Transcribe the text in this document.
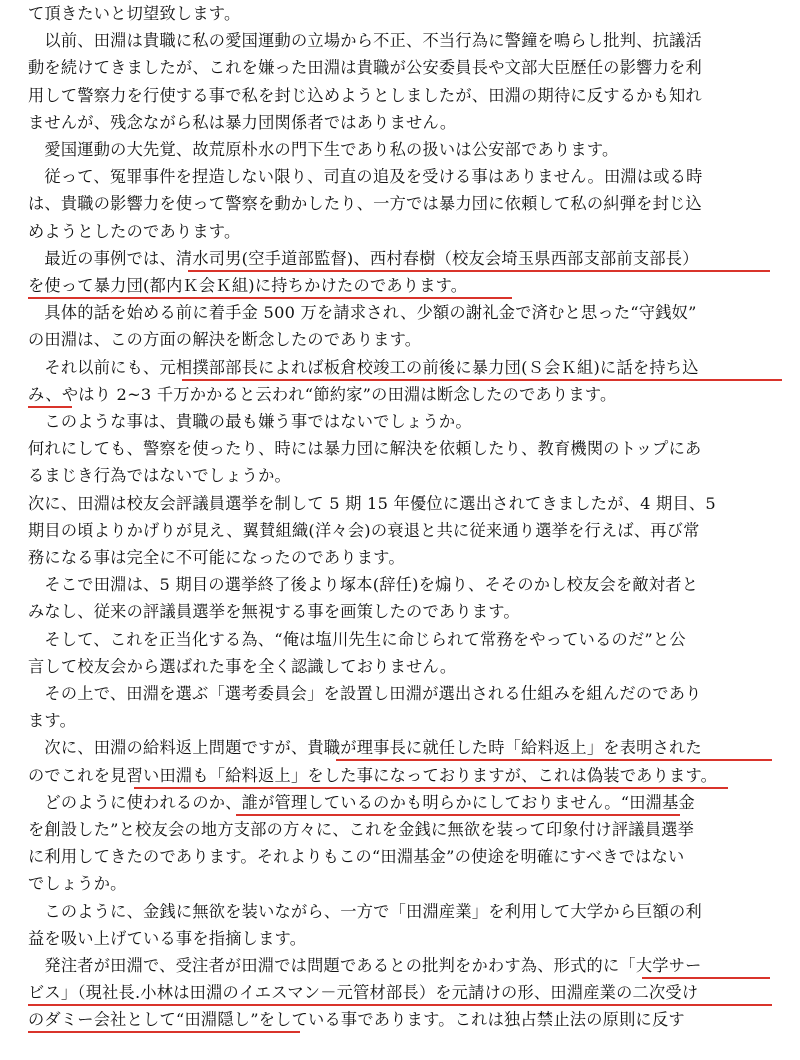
て頂きたいと切望致します。
　以前、田淵は貴職に私の愛国運動の立場から不正、不当行為に警鐘を鳴らし批判、抗議活
動を続けてきましたが、これを嫌った田淵は貴職が公安委員長や文部大臣歴任の影響力を利
用して警察力を行使する事で私を封じ込めようとしましたが、田淵の期待に反するかも知れ
ませんが、残念ながら私は暴力団関係者ではありません。
　愛国運動の大先覚、故荒原朴水の門下生であり私の扱いは公安部であります。
　従って、冤罪事件を捏造しない限り、司直の追及を受ける事はありません。田淵は或る時
は、貴職の影響力を使って警察を動かしたり、一方では暴力団に依頼して私の糾弾を封じ込
めようとしたのであります。
　最近の事例では、清水司男(空手道部監督)、西村春樹（校友会埼玉県西部支部前支部長）
を使って暴力団(都内Ｋ会Ｋ組)に持ちかけたのであります。
　具体的話を始める前に着手金 500 万を請求され、少額の謝礼金で済むと思った“守銭奴”
の田淵は、この方面の解決を断念したのであります。
　それ以前にも、元相撲部部長によれば板倉校竣工の前後に暴力団(Ｓ会Ｋ組)に話を持ち込
み、やはり 2~3 千万かかると云われ“節約家”の田淵は断念したのであります。
　このような事は、貴職の最も嫌う事ではないでしょうか。
何れにしても、警察を使ったり、時には暴力団に解決を依頼したり、教育機関のトップにあ
るまじき行為ではないでしょうか。
次に、田淵は校友会評議員選挙を制して 5 期 15 年優位に選出されてきましたが、4 期目、5
期目の頃よりかげりが見え、翼賛組織(洋々会)の衰退と共に従来通り選挙を行えば、再び常
務になる事は完全に不可能になったのであります。
　そこで田淵は、5 期目の選挙終了後より塚本(辞任)を煽り、そそのかし校友会を敵対者と
みなし、従来の評議員選挙を無視する事を画策したのであります。
　そして、これを正当化する為、“俺は塩川先生に命じられて常務をやっているのだ”と公
言して校友会から選ばれた事を全く認識しておりません。
　その上で、田淵を選ぶ「選考委員会」を設置し田淵が選出される仕組みを組んだのであり
ます。
　次に、田淵の給料返上問題ですが、貴職が理事長に就任した時「給料返上」を表明された
のでこれを見習い田淵も「給料返上」をした事になっておりますが、これは偽装であります。
　どのように使われるのか、誰が管理しているのかも明らかにしておりません。“田淵基金
を創設した”と校友会の地方支部の方々に、これを金銭に無欲を装って印象付け評議員選挙
に利用してきたのであります。それよりもこの“田淵基金”の使途を明確にすべきではない
でしょうか。
　このように、金銭に無欲を装いながら、一方で「田淵産業」を利用して大学から巨額の利
益を吸い上げている事を指摘します。
　発注者が田淵で、受注者が田淵では問題であるとの批判をかわす為、形式的に「大学サー
ビス」（現社長.小林は田淵のイエスマン－元管材部長）を元請けの形、田淵産業の二次受け
のダミー会社として“田淵隠し”をしている事であります。これは独占禁止法の原則に反す
